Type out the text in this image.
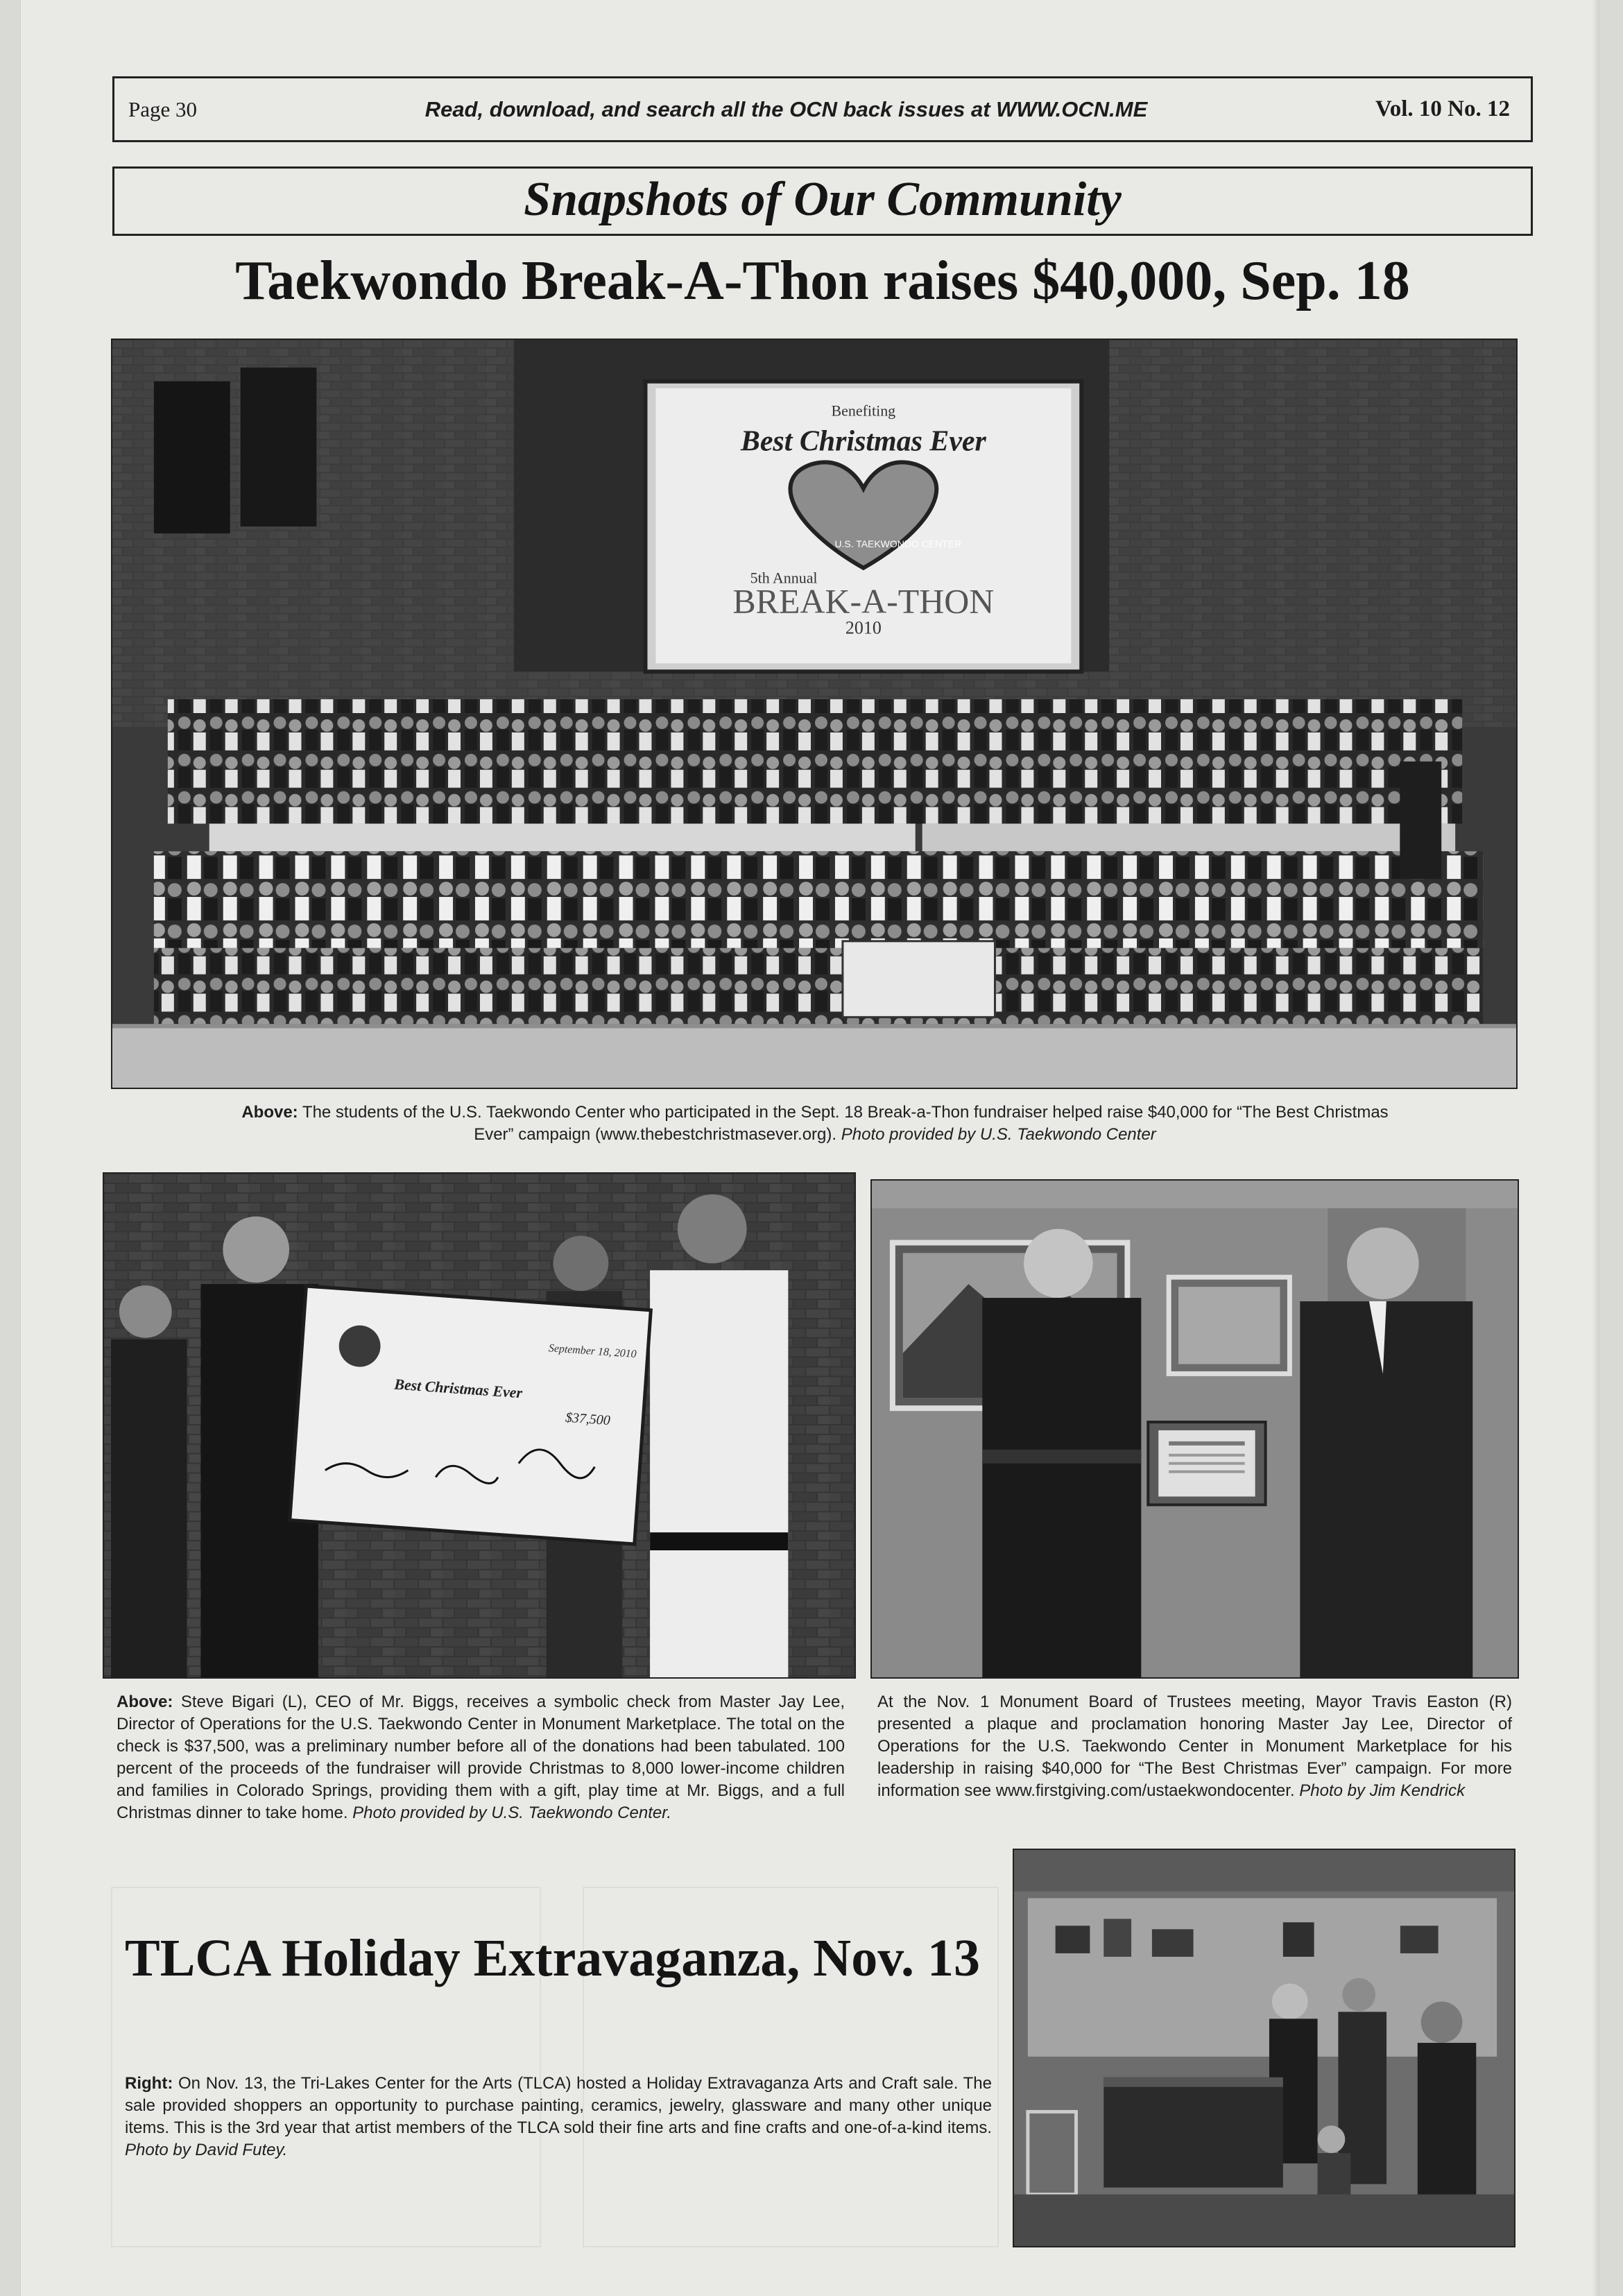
Page 30	Read, download, and search all the OCN back issues at WWW.OCN.ME	Vol. 10 No. 12
Snapshots of Our Community
Taekwondo Break-A-Thon raises $40,000, Sep. 18
Benefiting
Best Christmas Ever
U.S. TAEKWONDO CENTER
5th Annual
BREAK-A-THON
2010
Above: The students of the U.S. Taekwondo Center who participated in the Sept. 18 Break-a-Thon fundraiser helped raise $40,000 for “The Best Christmas Ever” campaign (www.thebestchristmasever.org). Photo provided by U.S. Taekwondo Center
September 18, 2010
Best Christmas Ever
$37,500
Above: Steve Bigari (L), CEO of Mr. Biggs, receives a symbolic check from Master Jay Lee, Director of Operations for the U.S. Taekwondo Center in Monument Marketplace. The total on the check is $37,500, was a preliminary number before all of the donations had been tabulated. 100 percent of the proceeds of the fundraiser will provide Christmas to 8,000 lower-income children and families in Colorado Springs, providing them with a gift, play time at Mr. Biggs, and a full Christmas dinner to take home. Photo provided by U.S. Taekwondo Center.
At the Nov. 1 Monument Board of Trustees meeting, Mayor Travis Easton (R) presented a plaque and proclamation honoring Master Jay Lee, Director of Operations for the U.S. Taekwondo Center in Monument Marketplace for his leadership in raising $40,000 for “The Best Christmas Ever” campaign. For more information see www.firstgiving.com/ustaekwondocenter. Photo by Jim Kendrick
TLCA Holiday Extravaganza, Nov. 13
Right: On Nov. 13, the Tri-Lakes Center for the Arts (TLCA) hosted a Holiday Extravaganza Arts and Craft sale. The sale provided shoppers an opportunity to purchase painting, ceramics, jewelry, glassware and many other unique items. This is the 3rd year that artist members of the TLCA sold their fine arts and fine crafts and one-of-a-kind items. Photo by David Futey.
